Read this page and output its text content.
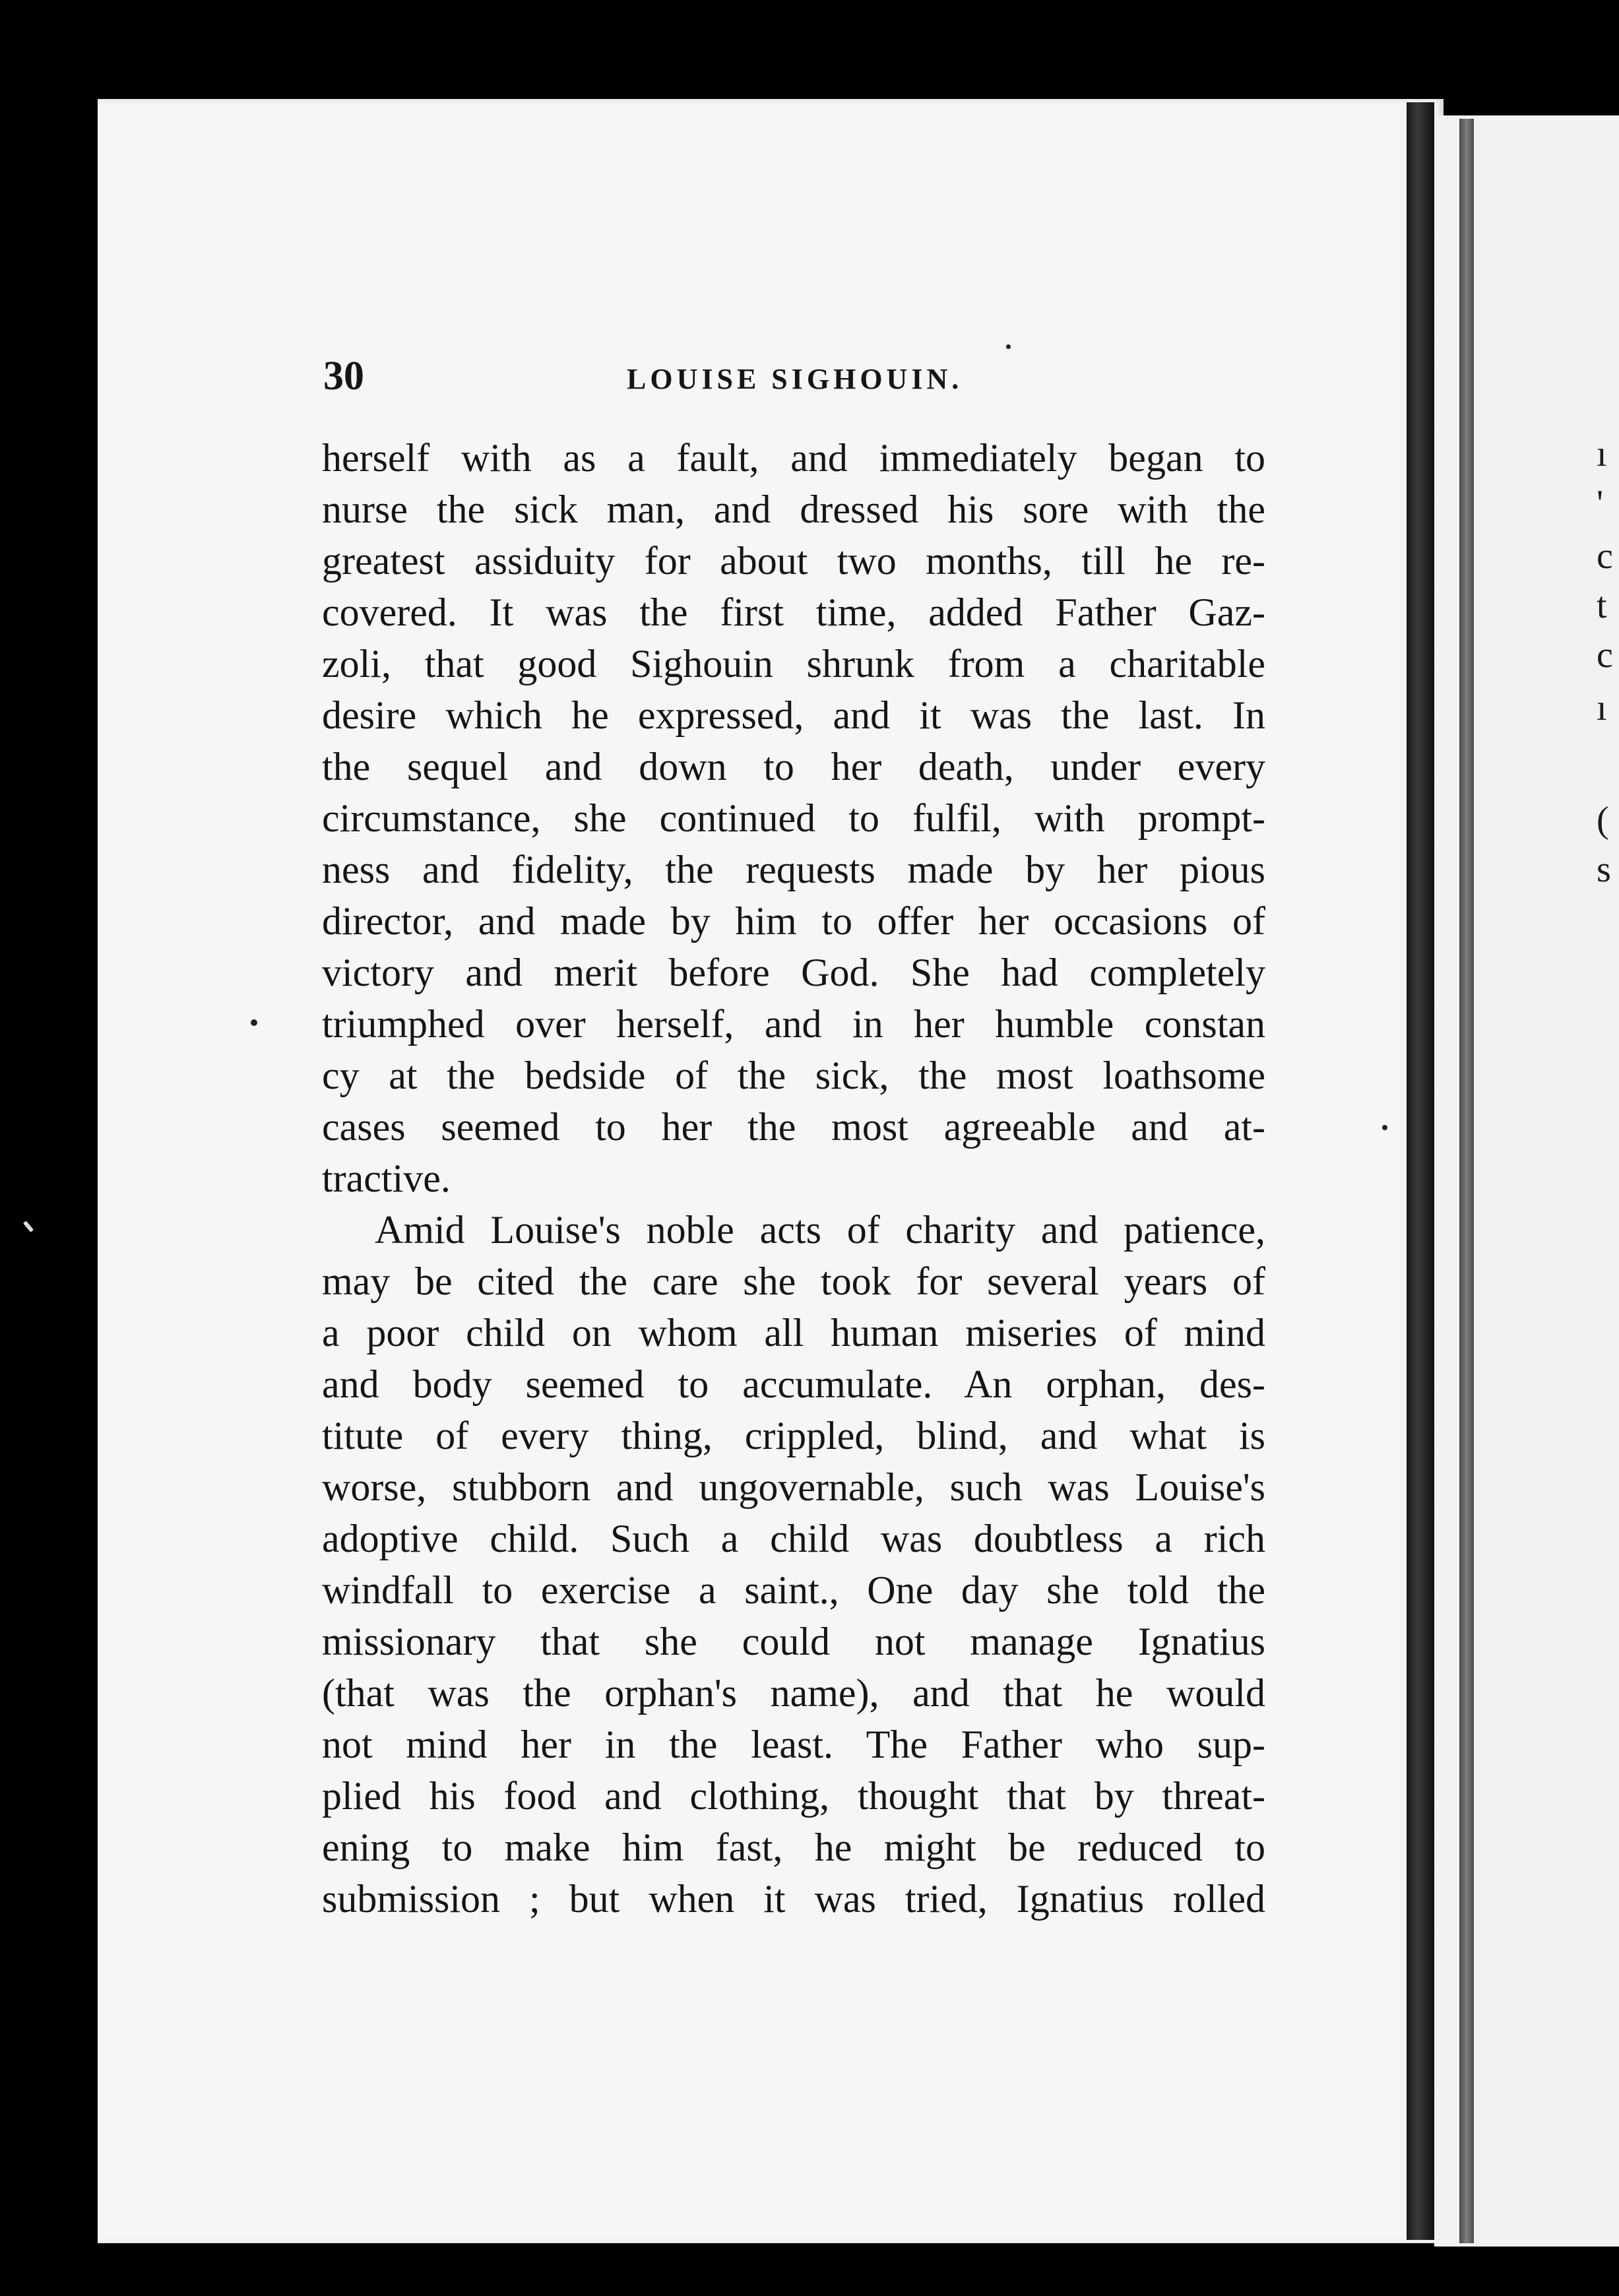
ı
'
c
t
c
ı
(
s
30	LOUISE SIGHOUIN.
herself with as a fault, and immediately began to
nurse the sick man, and dressed his sore with the
greatest assiduity for about two months, till he re-
covered. It was the first time, added Father Gaz-
zoli, that good Sighouin shrunk from a charitable
desire which he expressed, and it was the last. In
the sequel and down to her death, under every
circumstance, she continued to fulfil, with prompt-
ness and fidelity, the requests made by her pious
director, and made by him to offer her occasions of
victory and merit before God. She had completely
triumphed over herself, and in her humble constan
cy at the bedside of the sick, the most loathsome
cases seemed to her the most agreeable and at-
tractive.
Amid Louise's noble acts of charity and patience,
may be cited the care she took for several years of
a poor child on whom all human miseries of mind
and body seemed to accumulate. An orphan, des-
titute of every thing, crippled, blind, and what is
worse, stubborn and ungovernable, such was Louise's
adoptive child. Such a child was doubtless a rich
windfall to exercise a saint., One day she told the
missionary that she could not manage Ignatius
(that was the orphan's name), and that he would
not mind her in the least. The Father who sup-
plied his food and clothing, thought that by threat-
ening to make him fast, he might be reduced to
submission ; but when it was tried, Ignatius rolled
